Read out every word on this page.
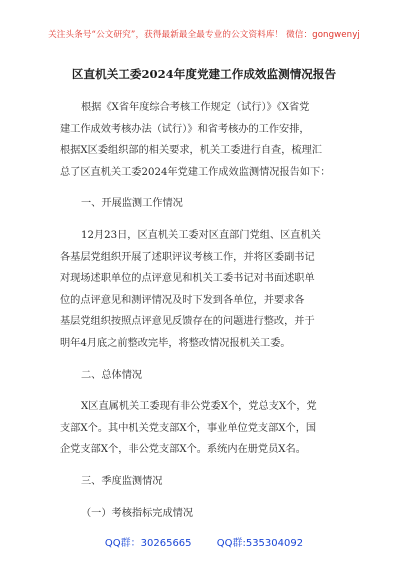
关注头条号“公文研究”，获得最新最全最专业的公文资料库！ 微信：gongwenyj
区直机关工委2024年度党建工作成效监测情况报告
根据《X省年度综合考核工作规定（试行）》《X省党
建工作成效考核办法（试行）》和省考核办的工作安排，
根据X区委组织部的相关要求，机关工委进行自查，梳理汇
总了区直机关工委2024年党建工作成效监测情况报告如下：
一、开展监测工作情况
12月23日，区直机关工委对区直部门党组、区直机关
各基层党组织开展了述职评议考核工作，并将区委副书记
对现场述职单位的点评意见和机关工委书记对书面述职单
位的点评意见和测评情况及时下发到各单位，并要求各
基层党组织按照点评意见反馈存在的问题进行整改，并于
明年4月底之前整改完毕，将整改情况报机关工委。
二、总体情况
X区直属机关工委现有非公党委X个，党总支X个，党
支部X个。其中机关党支部X个，事业单位党支部X个，国
企党支部X个，非公党支部X个。系统内在册党员X名。
三、季度监测情况
（一）考核指标完成情况
QQ群：30265665	QQ群:535304092
